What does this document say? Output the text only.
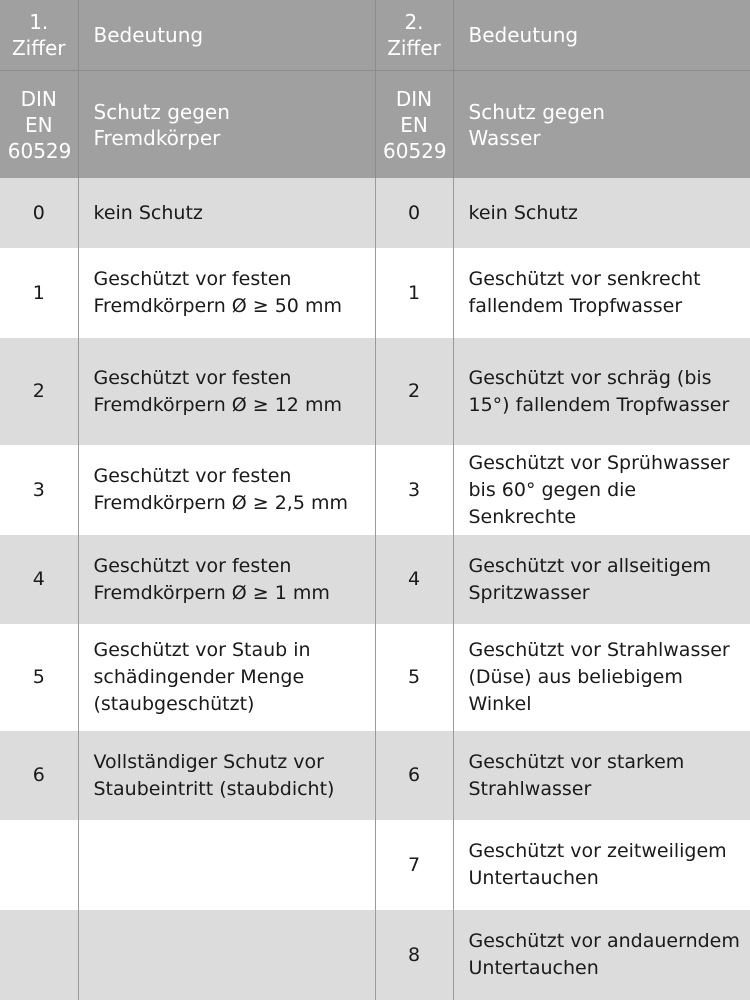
1. Ziffer	Bedeutung	2. Ziffer	Bedeutung
DIN EN 60529	Schutz gegen Fremdkörper	DIN EN 60529	Schutz gegen Wasser
0	kein Schutz	0	kein Schutz
1	Geschützt vor festen Fremdkörpern Ø ≥ 50 mm	1	Geschützt vor senkrecht fallendem Tropfwasser
2	Geschützt vor festen Fremdkörpern Ø ≥ 12 mm	2	Geschützt vor schräg (bis 15°) fallendem Tropfwasser
3	Geschützt vor festen Fremdkörpern Ø ≥ 2,5 mm	3	Geschützt vor Sprühwasser bis 60° gegen die Senkrechte
4	Geschützt vor festen Fremdkörpern Ø ≥ 1 mm	4	Geschützt vor allseitigem Spritzwasser
5	Geschützt vor Staub in schädingender Menge (staubgeschützt)	5	Geschützt vor Strahlwasser (Düse) aus beliebigem Winkel
6	Vollständiger Schutz vor Staubeintritt (staubdicht)	6	Geschützt vor starkem Strahlwasser
		7	Geschützt vor zeitweiligem Untertauchen
		8	Geschützt vor andauerndem Untertauchen
